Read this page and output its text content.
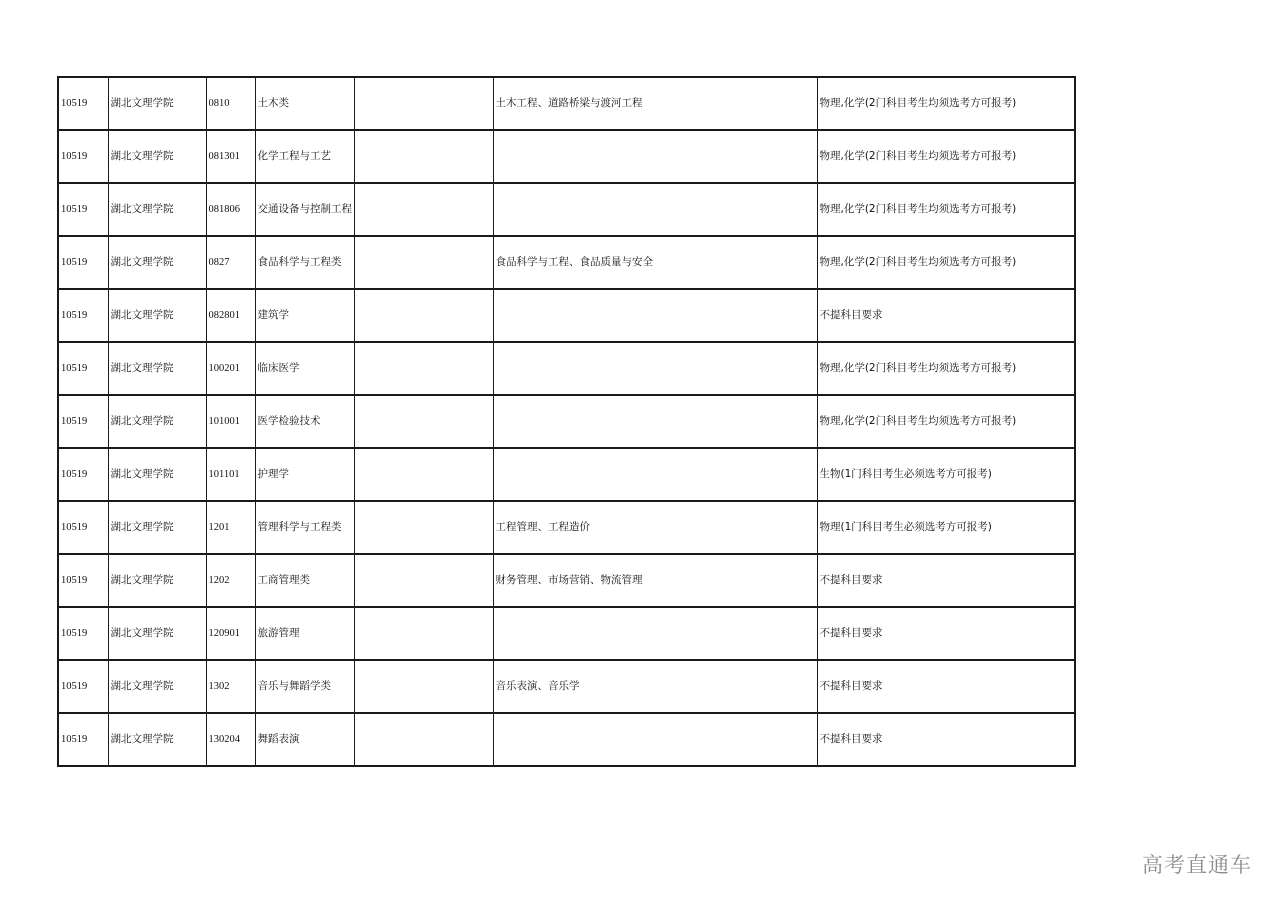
10519	湖北文理学院	0810	土木类		土木工程、道路桥梁与渡河工程	物理,化学(2门科目考生均须选考方可报考)
10519	湖北文理学院	081301	化学工程与工艺			物理,化学(2门科目考生均须选考方可报考)
10519	湖北文理学院	081806	交通设备与控制工程			物理,化学(2门科目考生均须选考方可报考)
10519	湖北文理学院	0827	食品科学与工程类		食品科学与工程、食品质量与安全	物理,化学(2门科目考生均须选考方可报考)
10519	湖北文理学院	082801	建筑学			不提科目要求
10519	湖北文理学院	100201	临床医学			物理,化学(2门科目考生均须选考方可报考)
10519	湖北文理学院	101001	医学检验技术			物理,化学(2门科目考生均须选考方可报考)
10519	湖北文理学院	101101	护理学			生物(1门科目考生必须选考方可报考)
10519	湖北文理学院	1201	管理科学与工程类		工程管理、工程造价	物理(1门科目考生必须选考方可报考)
10519	湖北文理学院	1202	工商管理类		财务管理、市场营销、物流管理	不提科目要求
10519	湖北文理学院	120901	旅游管理			不提科目要求
10519	湖北文理学院	1302	音乐与舞蹈学类		音乐表演、音乐学	不提科目要求
10519	湖北文理学院	130204	舞蹈表演			不提科目要求
高考直通车
